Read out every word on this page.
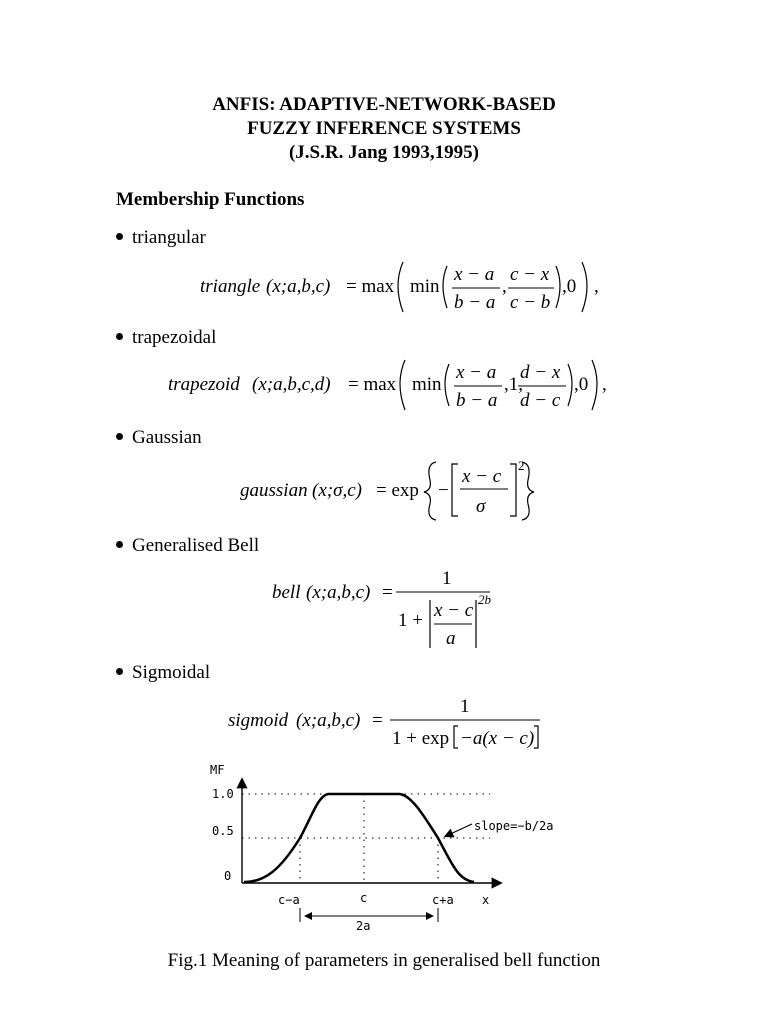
ANFIS: ADAPTIVE-NETWORK-BASED
FUZZY INFERENCE SYSTEMS
(J.S.R. Jang 1993,1995)
Membership Functions
triangular
triangle (x;a,b,c) = max min
x − a
b − a
,
c − x
c − b
,0 ,
trapezoidal
trapezoid (x;a,b,c,d) = max min
x − a
b − a
,1,
d − x
d − c
,0 ,
Gaussian
gaussian (x;σ,c) = exp −
x − c
σ
2
Generalised Bell
bell (x;a,b,c) =
1
1 + x − c
a
2b
Sigmoidal
sigmoid (x;a,b,c) =
1
1 + exp −a(x − c)
MF
1.0
0.5
0
c−a	c	c+a x
slope=−b/2a
2a
Fig.1 Meaning of parameters in generalised bell function
